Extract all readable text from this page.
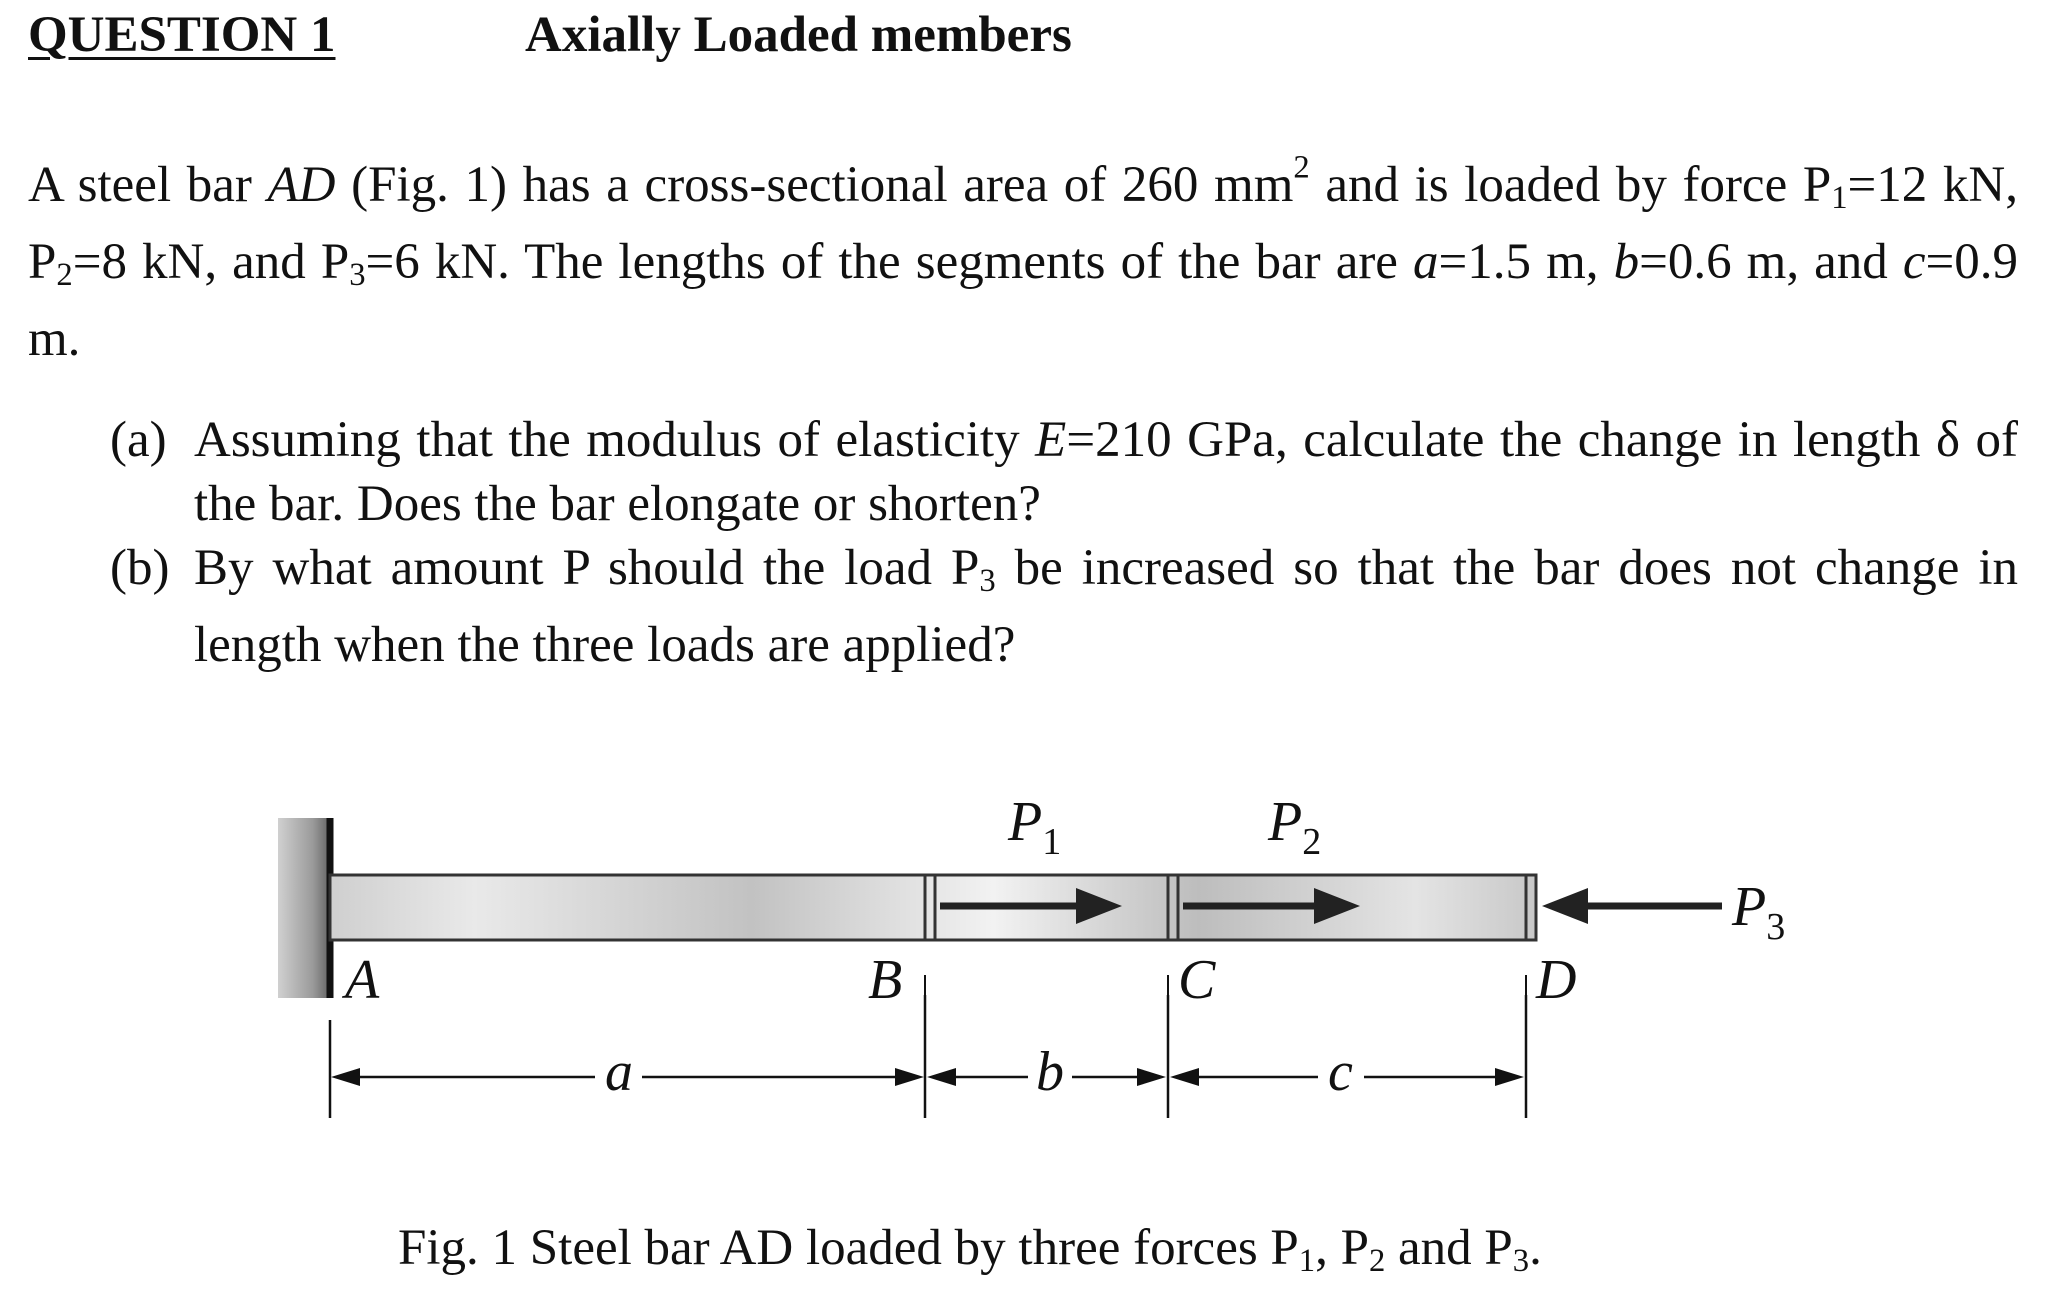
QUESTION 1	Axially Loaded members

A steel bar AD (Fig. 1) has a cross-sectional area of 260 $mm^2$ and is loaded by force $P_1=12$ kN, $P_2=8$ kN, and $P_3=6$ kN. The lengths of the segments of the bar are a=1.5 m, b=0.6 m, and c=0.9 m.

(a) Assuming that the modulus of elasticity E=210 GPa, calculate the change in length δ of the bar. Does the bar elongate or shorten?
(b) By what amount P should the load $P_3$ be increased so that the bar does not change in length when the three loads are applied?
$P_1$	$P_2$
$P_3$
A	B	C	D
a	b	c
Fig. 1 Steel bar AD loaded by three forces $P_1$, $P_2$ and $P_3$.
